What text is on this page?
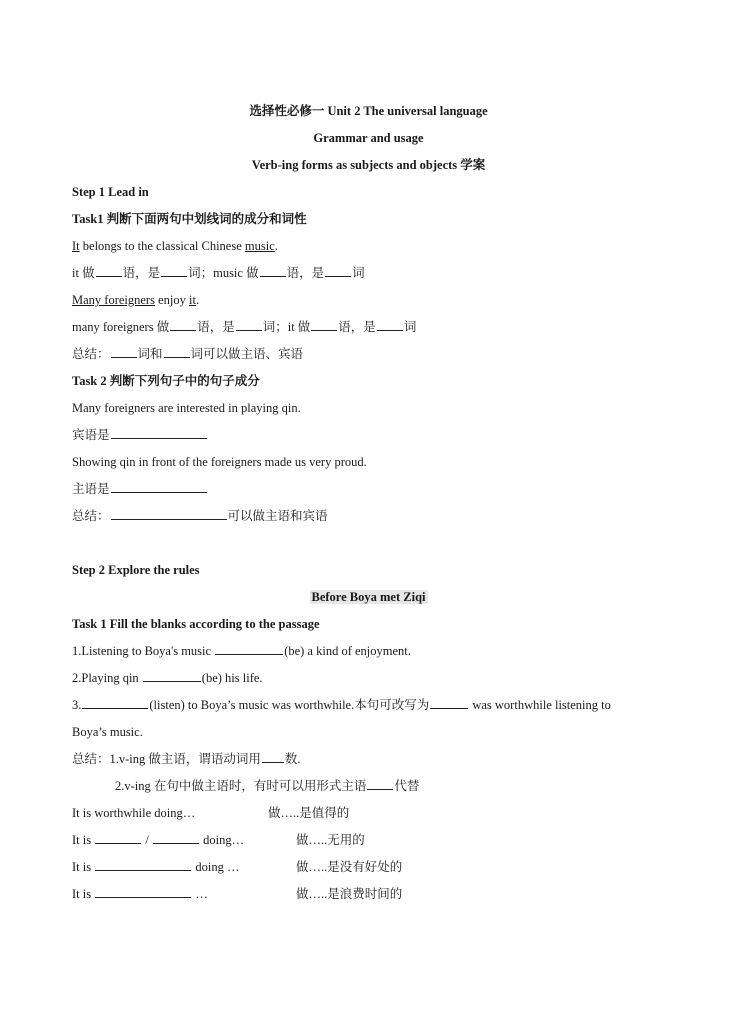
选择性必修一 Unit 2 The universal language
Grammar and usage
Verb-ing forms as subjects and objects 学案
Step 1 Lead in
Task1 判断下面两句中划线词的成分和词性
It belongs to the classical Chinese music.
it 做 语，是 词；music 做 语，是 词
Many foreigners enjoy it.
many foreigners 做 语，是 词；it 做 语，是 词
总结： 词和 词可以做主语、宾语
Task 2 判断下列句子中的句子成分
Many foreigners are interested in playing qin.
宾语是
Showing qin in front of the foreigners made us very proud.
主语是
总结：	可以做主语和宾语
Step 2 Explore the rules
Before Boya met Ziqi
Task 1 Fill the blanks according to the passage
1.Listening to Boya's music	(be) a kind of enjoyment.
2.Playing qin	(be) his life.
3.	(listen) to Boya’s music was worthwhile.本句可改写为	was worthwhile listening to
Boya’s music.
总结：1.v-ing 做主语，谓语动词用 数.
2.v-ing 在句中做主语时，有时可以用形式主语 代替
It is worthwhile doing…	做…..是值得的
It is	/	doing…	做…..无用的
It is	doing …	做…..是没有好处的
It is	…	做…..是浪费时间的
